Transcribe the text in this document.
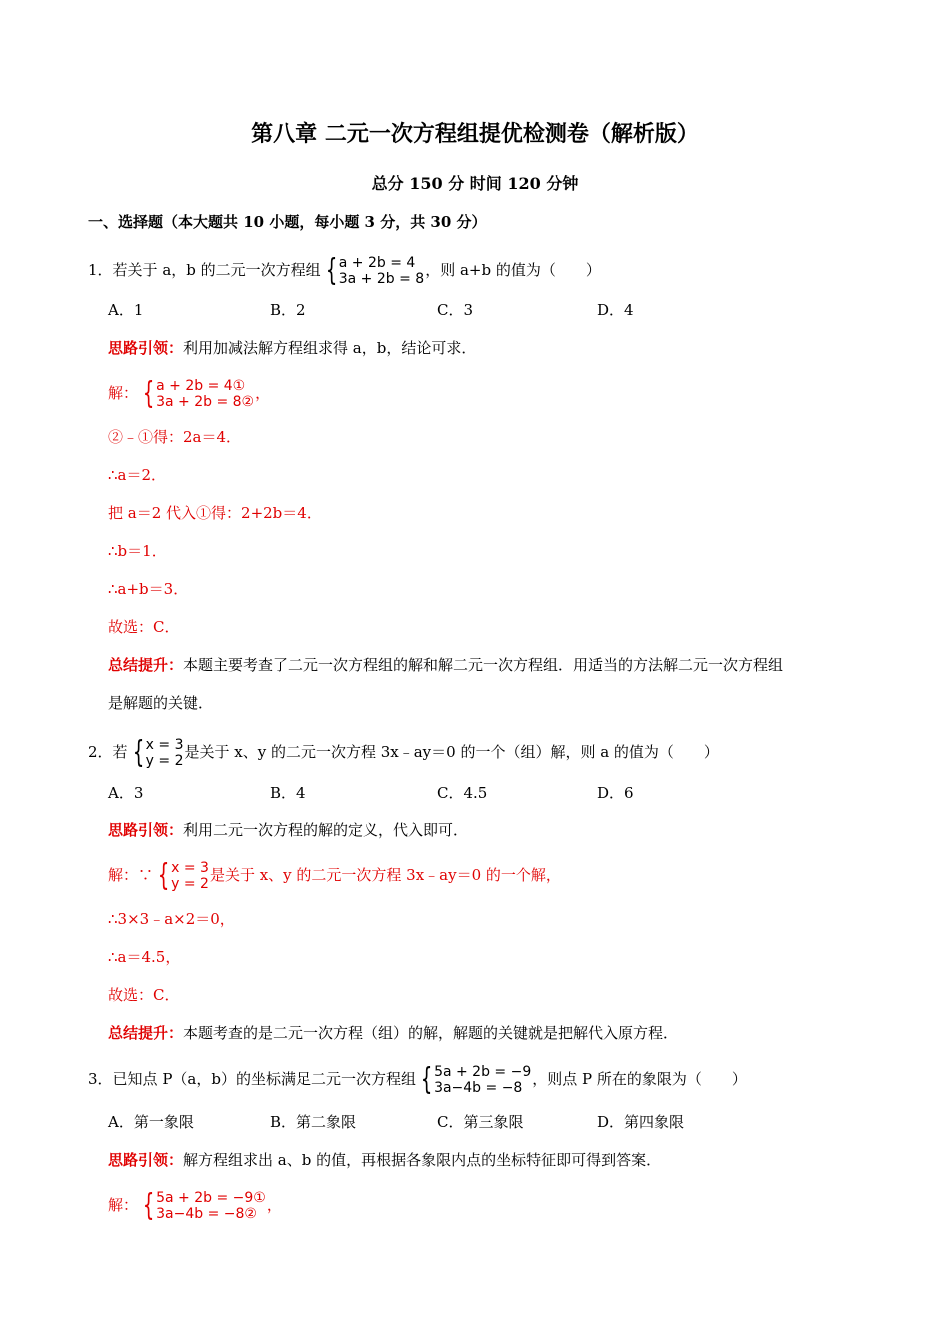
第八章 二元一次方程组提优检测卷（解析版）
总分 150 分 时间 120 分钟
一、选择题（本大题共 10 小题，每小题 3 分，共 30 分）
1．若关于 a，b 的二元一次方程组 { a + 2b = 4
3a + 2b = 8 ，则 a+b 的值为（　　）
A．1	B．2	C．3	D．4
思路引领：利用加减法解方程组求得 a，b，结论可求．
解： { a + 2b = 4①
3a + 2b = 8② ，
②﹣①得：2a＝4．
∴a＝2．
把 a＝2 代入①得：2+2b＝4．
∴b＝1．
∴a+b＝3．
故选：C．
总结提升：本题主要考查了二元一次方程组的解和解二元一次方程组．用适当的方法解二元一次方程组
是解题的关键．
2．若 { x = 3
y = 2 是关于 x、y 的二元一次方程 3x﹣ay＝0 的一个（组）解，则 a 的值为（　　）
A．3	B．4	C．4.5	D．6
思路引领：利用二元一次方程的解的定义，代入即可．
解：∵ { x = 3
y = 2 是关于 x、y 的二元一次方程 3x﹣ay＝0 的一个解，
∴3×3﹣a×2＝0，
∴a＝4.5，
故选：C．
总结提升：本题考查的是二元一次方程（组）的解，解题的关键就是把解代入原方程．
3．已知点 P（a，b）的坐标满足二元一次方程组 { 5a + 2b = −9
3a−4b = −8 ，则点 P 所在的象限为（　　）
A．第一象限	B．第二象限	C．第三象限	D．第四象限
思路引领：解方程组求出 a、b 的值，再根据各象限内点的坐标特征即可得到答案．
解： { 5a + 2b = −9①
3a−4b = −8② ，
